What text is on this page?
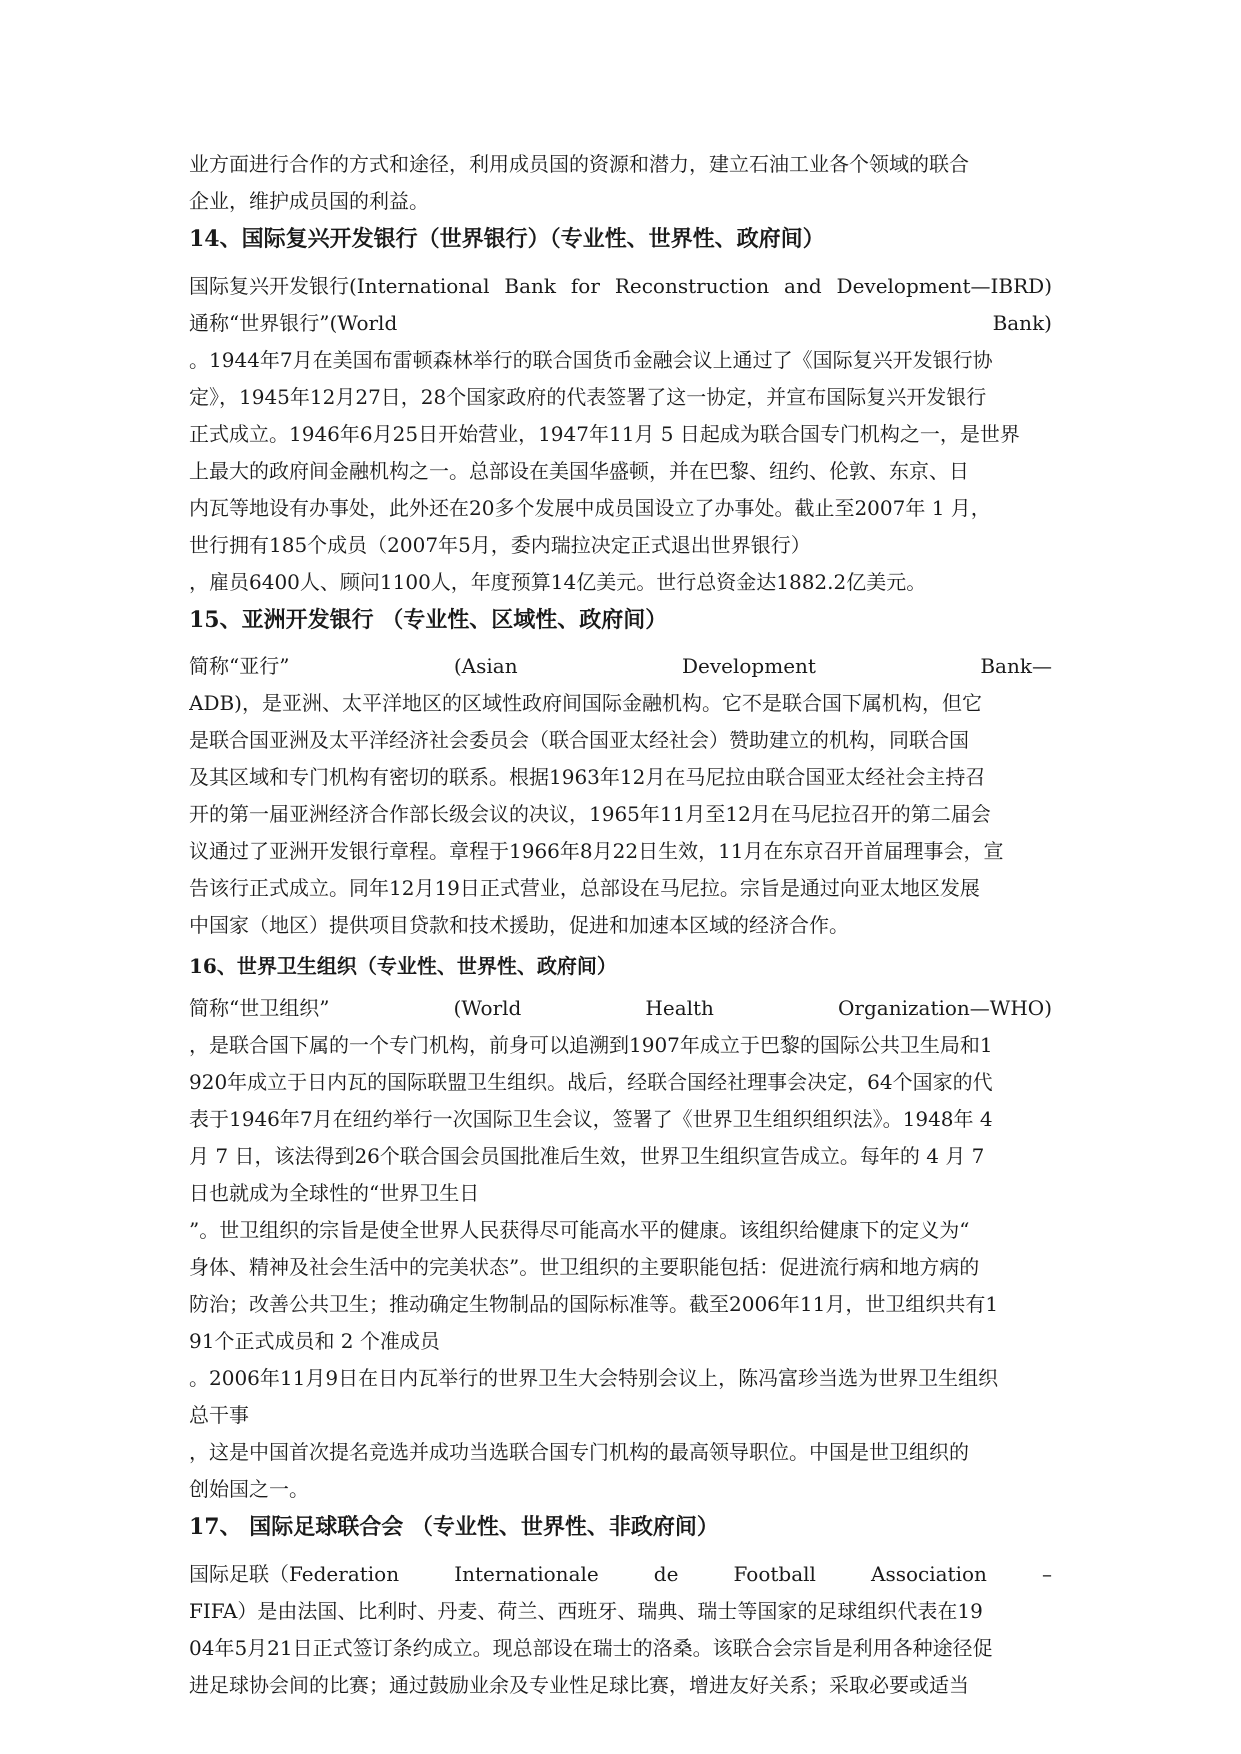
业方面进行合作的方式和途径，利用成员国的资源和潜力，建立石油工业各个领域的联合
企业，维护成员国的利益。
14、国际复兴开发银行（世界银行）（专业性、世界性、政府间）
国际复兴开发银行(International Bank for Reconstruction and Development—IBRD)
通称“世界银行”(World	Bank)
。1944年7月在美国布雷顿森林举行的联合国货币金融会议上通过了《国际复兴开发银行协
定》，1945年12月27日，28个国家政府的代表签署了这一协定，并宣布国际复兴开发银行
正式成立。1946年6月25日开始营业，1947年11月 5 日起成为联合国专门机构之一，是世界
上最大的政府间金融机构之一。总部设在美国华盛顿，并在巴黎、纽约、伦敦、东京、日
内瓦等地设有办事处，此外还在20多个发展中成员国设立了办事处。截止至2007年 1 月，
世行拥有185个成员（2007年5月，委内瑞拉决定正式退出世界银行）
，雇员6400人、顾问1100人，年度预算14亿美元。世行总资金达1882.2亿美元。
15、亚洲开发银行 （专业性、区域性、政府间）
简称“亚行”	(Asian	Development	Bank—
ADB)，是亚洲、太平洋地区的区域性政府间国际金融机构。它不是联合国下属机构，但它
是联合国亚洲及太平洋经济社会委员会（联合国亚太经社会）赞助建立的机构，同联合国
及其区域和专门机构有密切的联系。根据1963年12月在马尼拉由联合国亚太经社会主持召
开的第一届亚洲经济合作部长级会议的决议，1965年11月至12月在马尼拉召开的第二届会
议通过了亚洲开发银行章程。章程于1966年8月22日生效，11月在东京召开首届理事会，宣
告该行正式成立。同年12月19日正式营业，总部设在马尼拉。宗旨是通过向亚太地区发展
中国家（地区）提供项目贷款和技术援助，促进和加速本区域的经济合作。
16、世界卫生组织（专业性、世界性、政府间）
简称“世卫组织”	(World	Health	Organization—WHO)
，是联合国下属的一个专门机构，前身可以追溯到1907年成立于巴黎的国际公共卫生局和1
920年成立于日内瓦的国际联盟卫生组织。战后，经联合国经社理事会决定，64个国家的代
表于1946年7月在纽约举行一次国际卫生会议，签署了《世界卫生组织组织法》。1948年 4
月 7 日，该法得到26个联合国会员国批准后生效，世界卫生组织宣告成立。每年的 4 月 7
日也就成为全球性的“世界卫生日
”。世卫组织的宗旨是使全世界人民获得尽可能高水平的健康。该组织给健康下的定义为“
身体、精神及社会生活中的完美状态”。世卫组织的主要职能包括：促进流行病和地方病的
防治；改善公共卫生；推动确定生物制品的国际标准等。截至2006年11月，世卫组织共有1
91个正式成员和 2 个准成员
。2006年11月9日在日内瓦举行的世界卫生大会特别会议上，陈冯富珍当选为世界卫生组织
总干事
，这是中国首次提名竞选并成功当选联合国专门机构的最高领导职位。中国是世卫组织的
创始国之一。
17、 国际足球联合会 （专业性、世界性、非政府间）
国际足联（Federation	Internationale	de	Football	Association	–
FIFA）是由法国、比利时、丹麦、荷兰、西班牙、瑞典、瑞士等国家的足球组织代表在19
04年5月21日正式签订条约成立。现总部设在瑞士的洛桑。该联合会宗旨是利用各种途径促
进足球协会间的比赛；通过鼓励业余及专业性足球比赛，增进友好关系；采取必要或适当
